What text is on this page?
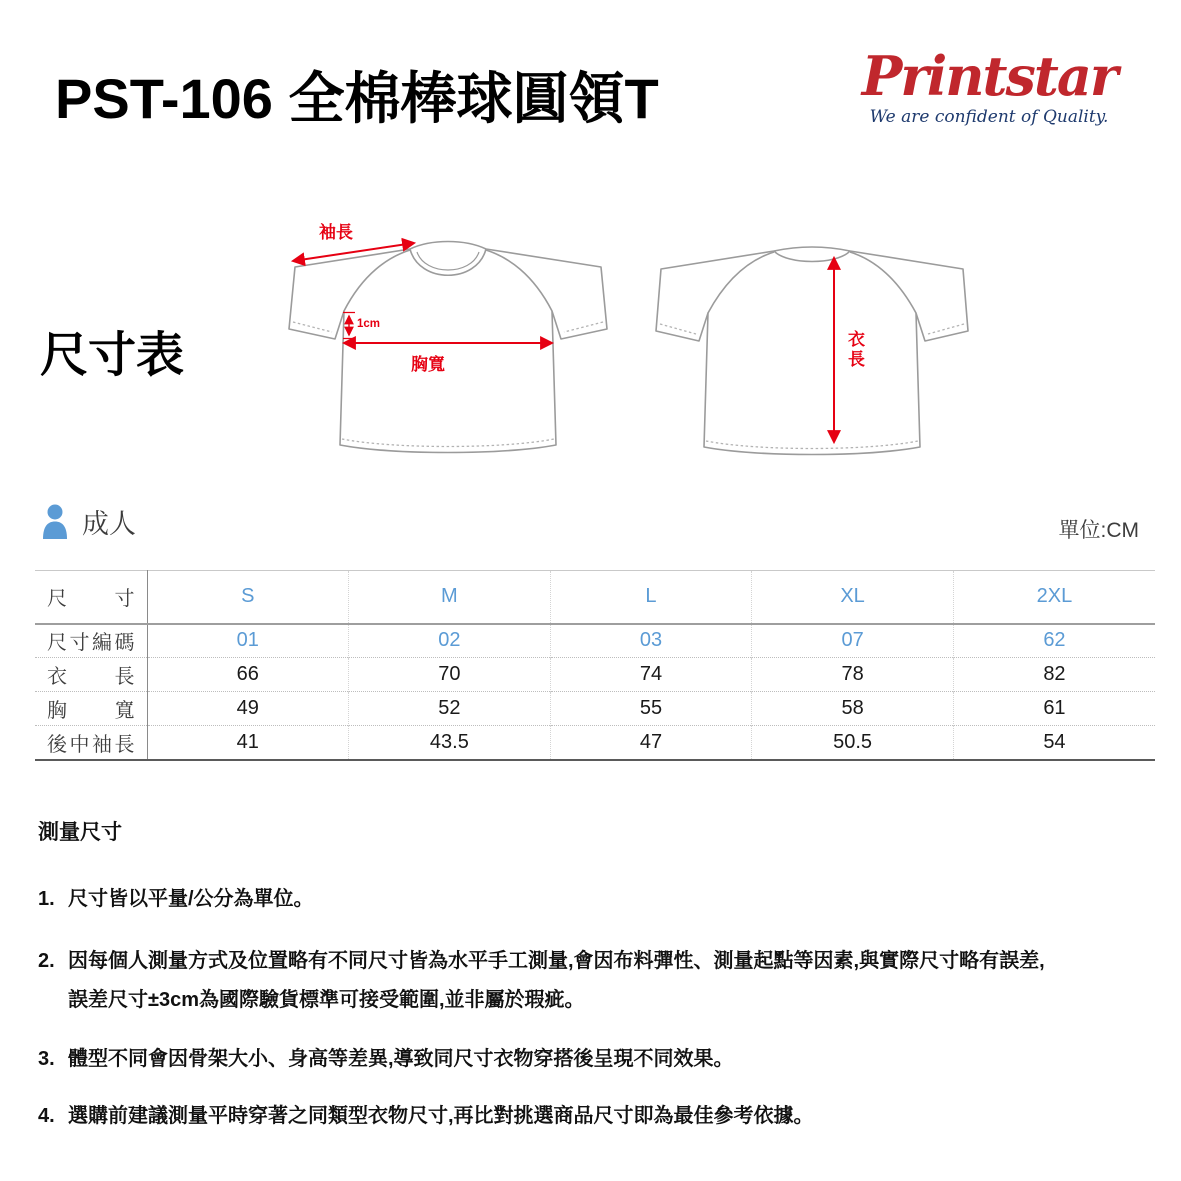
PST-106 全棉棒球圓領T	Printstar
We are confident of Quality.
尺寸表
袖長
1cm
胸寬	衣長
成人	單位:CM
尺寸	S	M	L	XL	2XL
尺寸編碼	01	02	03	07	62
衣長	66	70	74	78	82
胸寬	49	52	55	58	61
後中袖長	41	43.5	47	50.5	54
測量尺寸
1. 尺寸皆以平量/公分為單位。
2. 因每個人測量方式及位置略有不同尺寸皆為水平手工測量,會因布料彈性、測量起點等因素,與實際尺寸略有誤差,
誤差尺寸±3cm為國際驗貨標準可接受範圍,並非屬於瑕疵。
3. 體型不同會因骨架大小、身高等差異,導致同尺寸衣物穿搭後呈現不同效果。
4. 選購前建議測量平時穿著之同類型衣物尺寸,再比對挑選商品尺寸即為最佳參考依據。
